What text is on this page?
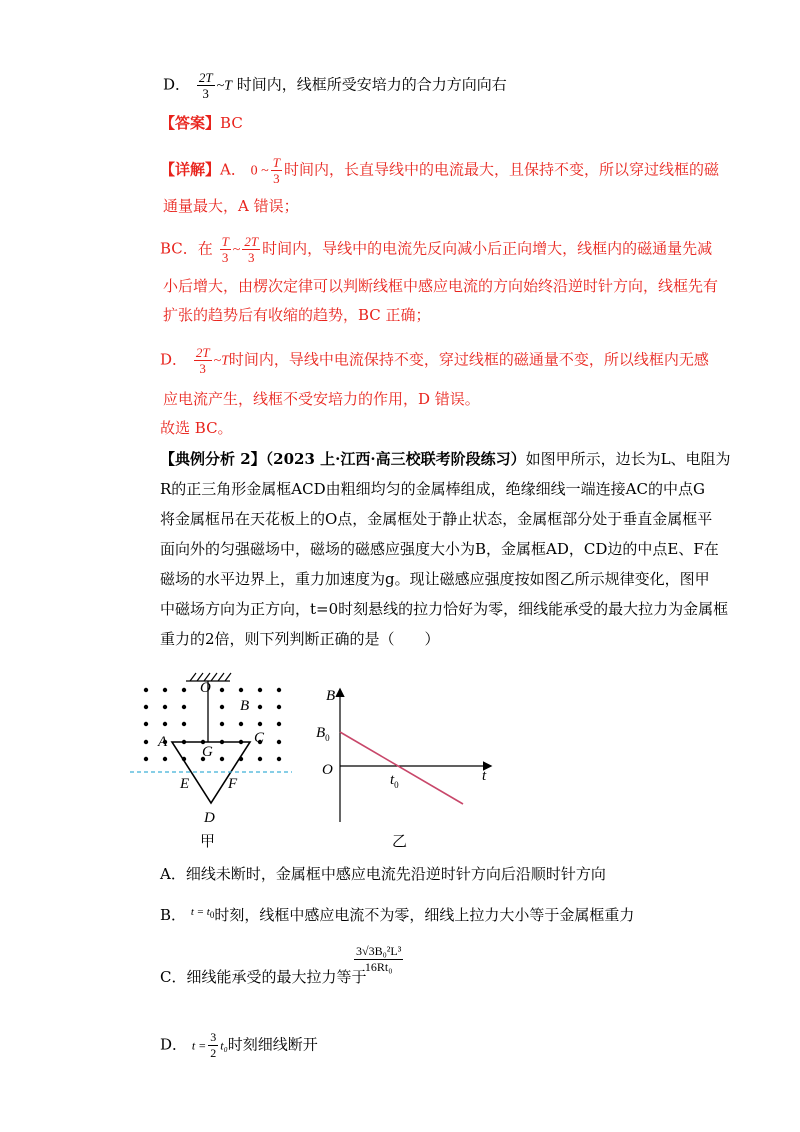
D． $\frac{2T}{3}$ ~T 时间内，线框所受安培力的合力方向向右
【答案】BC
【详解】A． 0 ~ $\frac{T}{3}$ 时间内，长直导线中的电流最大，且保持不变，所以穿过线框的磁
通量最大，A 错误；
BC．在 $\frac{T}{3}$ ~ $\frac{2T}{3}$ 时间内，导线中的电流先反向减小后正向增大，线框内的磁通量先减
小后增大，由楞次定律可以判断线框中感应电流的方向始终沿逆时针方向，线框先有
扩张的趋势后有收缩的趋势，BC 正确；
D． $\frac{2T}{3}$ ~T时间内，导线中电流保持不变，穿过线框的磁通量不变，所以线框内无感
应电流产生，线框不受安培力的作用，D 错误。
故选 BC。
【典例分析 2】（2023 上·江西·高三校联考阶段练习）如图甲所示，边长为L、电阻为
R的正三角形金属框ACD由粗细均匀的金属棒组成，绝缘细线一端连接AC的中点G
将金属框吊在天花板上的O点，金属框处于静止状态，金属框部分处于垂直金属框平
面向外的匀强磁场中，磁场的磁感应强度大小为B，金属框AD，CD边的中点E、F在
磁场的水平边界上，重力加速度为g。现让磁感应强度按如图乙所示规律变化，图甲
中磁场方向为正方向，t=0时刻悬线的拉力恰好为零，细线能承受的最大拉力为金属框
重力的2倍，则下列判断正确的是（　　）
O
B
A	C
G
E	F
D
甲
B
t
O
$B_0$
$t_0$
乙
A．细线未断时，金属框中感应电流先沿逆时针方向后沿顺时针方向
B． $^{t = t_0}$时刻，线框中感应电流不为零，细线上拉力大小等于金属框重力
C．细线能承受的最大拉力等于
$\frac{\text{3√3B₀²L³}}{\text{16Rt₀}}$
D． $t = \frac{3}{2} t_0$时刻细线断开
